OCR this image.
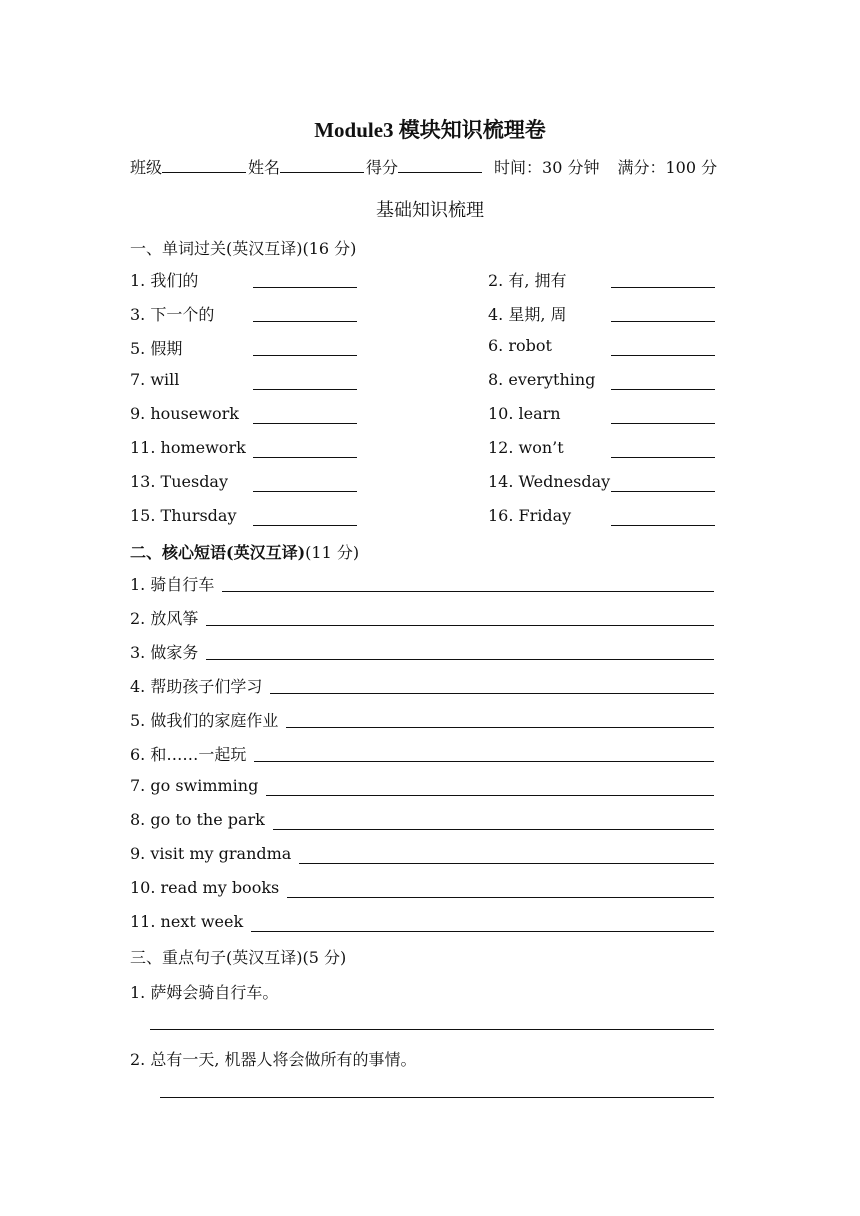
Module3 模块知识梳理卷
班级	姓名	得分	时间：30 分钟 满分：100 分
基础知识梳理
一、单词过关(英汉互译)(16 分)
1. 我们的	2. 有, 拥有
3. 下一个的	4. 星期, 周
5. 假期	6. robot
7. will	8. everything
9. housework	10. learn
11. homework	12. won’t
13. Tuesday	14. Wednesday
15. Thursday	16. Friday
二、核心短语(英汉互译)(11 分)
1. 骑自行车
2. 放风筝
3. 做家务
4. 帮助孩子们学习
5. 做我们的家庭作业
6. 和……一起玩
7. go swimming
8. go to the park
9. visit my grandma
10. read my books
11. next week
三、重点句子(英汉互译)(5 分)
1. 萨姆会骑自行车。
2. 总有一天, 机器人将会做所有的事情。
